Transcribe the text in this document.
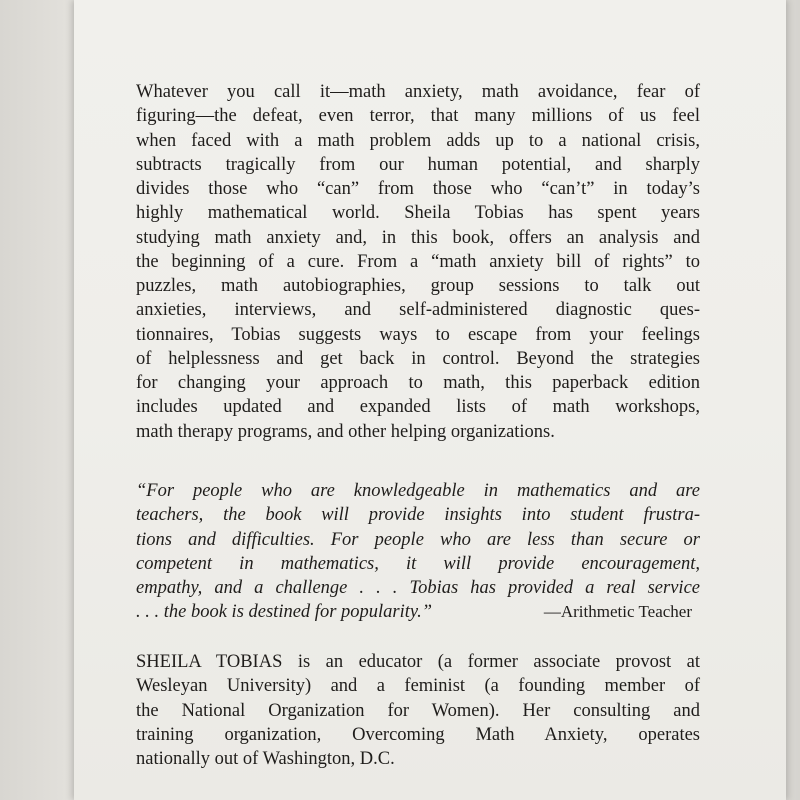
Whatever you call it—math anxiety, math avoidance, fear of
figuring—the defeat, even terror, that many millions of us feel
when faced with a math problem adds up to a national crisis,
subtracts tragically from our human potential, and sharply
divides those who “can” from those who “can’t” in today’s
highly mathematical world. Sheila Tobias has spent years
studying math anxiety and, in this book, offers an analysis and
the beginning of a cure. From a “math anxiety bill of rights” to
puzzles, math autobiographies, group sessions to talk out
anxieties, interviews, and self-administered diagnostic ques-
tionnaires, Tobias suggests ways to escape from your feelings
of helplessness and get back in control. Beyond the strategies
for changing your approach to math, this paperback edition
includes updated and expanded lists of math workshops,
math therapy programs, and other helping organizations.
“For people who are knowledgeable in mathematics and are
teachers, the book will provide insights into student frustra-
tions and difficulties. For people who are less than secure or
competent in mathematics, it will provide encouragement,
empathy, and a challenge . . . Tobias has provided a real service
. . . the book is destined for popularity.”	—Arithmetic Teacher
SHEILA TOBIAS is an educator (a former associate provost at
Wesleyan University) and a feminist (a founding member of
the National Organization for Women). Her consulting and
training organization, Overcoming Math Anxiety, operates
nationally out of Washington, D.C.
